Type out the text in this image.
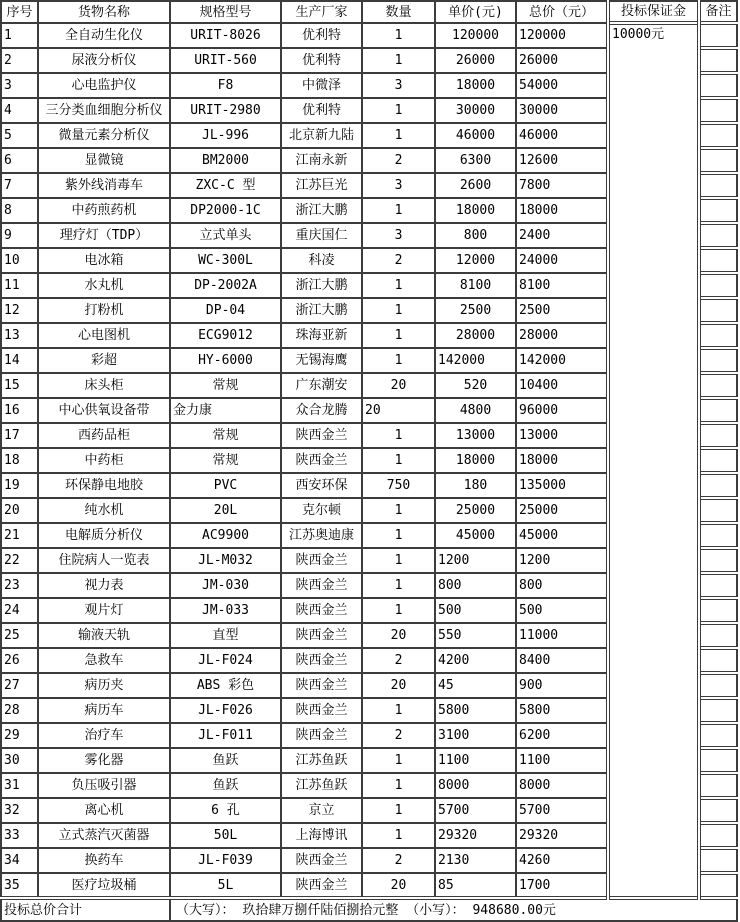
序号	货物名称	规格型号	生产厂家	数量	单价(元)	总价（元）	投标保证金	备注
1	全自动生化仪	URIT-8026	优利特	1	120000	120000	10000元	
2	尿液分析仪	URIT-560	优利特	1	26000	26000		
3	心电监护仪	F8	中微泽	3	18000	54000		
4	三分类血细胞分析仪	URIT-2980	优利特	1	30000	30000		
5	微量元素分析仪	JL-996	北京新九陆	1	46000	46000		
6	显微镜	BM2000	江南永新	2	6300	12600		
7	紫外线消毒车	ZXC-C 型	江苏巨光	3	2600	7800		
8	中药煎药机	DP2000-1C	浙江大鹏	1	18000	18000		
9	理疗灯（TDP）	立式单头	重庆国仁	3	800	2400		
10	电冰箱	WC-300L	科凌	2	12000	24000		
11	水丸机	DP-2002A	浙江大鹏	1	8100	8100		
12	打粉机	DP-04	浙江大鹏	1	2500	2500		
13	心电图机	ECG9012	珠海亚新	1	28000	28000		
14	彩超	HY-6000	无锡海鹰	1	142000	142000		
15	床头柜	常规	广东潮安	20	520	10400		
16	中心供氧设备带	金力康	众合龙腾	20	4800	96000		
17	西药品柜	常规	陕西金兰	1	13000	13000		
18	中药柜	常规	陕西金兰	1	18000	18000		
19	环保静电地胶	PVC	西安环保	750	180	135000		
20	纯水机	20L	克尔顿	1	25000	25000		
21	电解质分析仪	AC9900	江苏奥迪康	1	45000	45000		
22	住院病人一览表	JL-M032	陕西金兰	1	1200	1200		
23	视力表	JM-030	陕西金兰	1	800	800		
24	观片灯	JM-033	陕西金兰	1	500	500		
25	输液天轨	直型	陕西金兰	20	550	11000		
26	急救车	JL-F024	陕西金兰	2	4200	8400		
27	病历夹	ABS 彩色	陕西金兰	20	45	900		
28	病历车	JL-F026	陕西金兰	1	5800	5800		
29	治疗车	JL-F011	陕西金兰	2	3100	6200		
30	雾化器	鱼跃	江苏鱼跃	1	1100	1100		
31	负压吸引器	鱼跃	江苏鱼跃	1	8000	8000		
32	离心机	6 孔	京立	1	5700	5700		
33	立式蒸汽灭菌器	50L	上海博讯	1	29320	29320		
34	换药车	JL-F039	陕西金兰	2	2130	4260		
35	医疗垃圾桶	5L	陕西金兰	20	85	1700		
投标总价合计		（大写）： 玖拾肆万捌仟陆佰捌拾元整 （小写）： 948680.00元						
